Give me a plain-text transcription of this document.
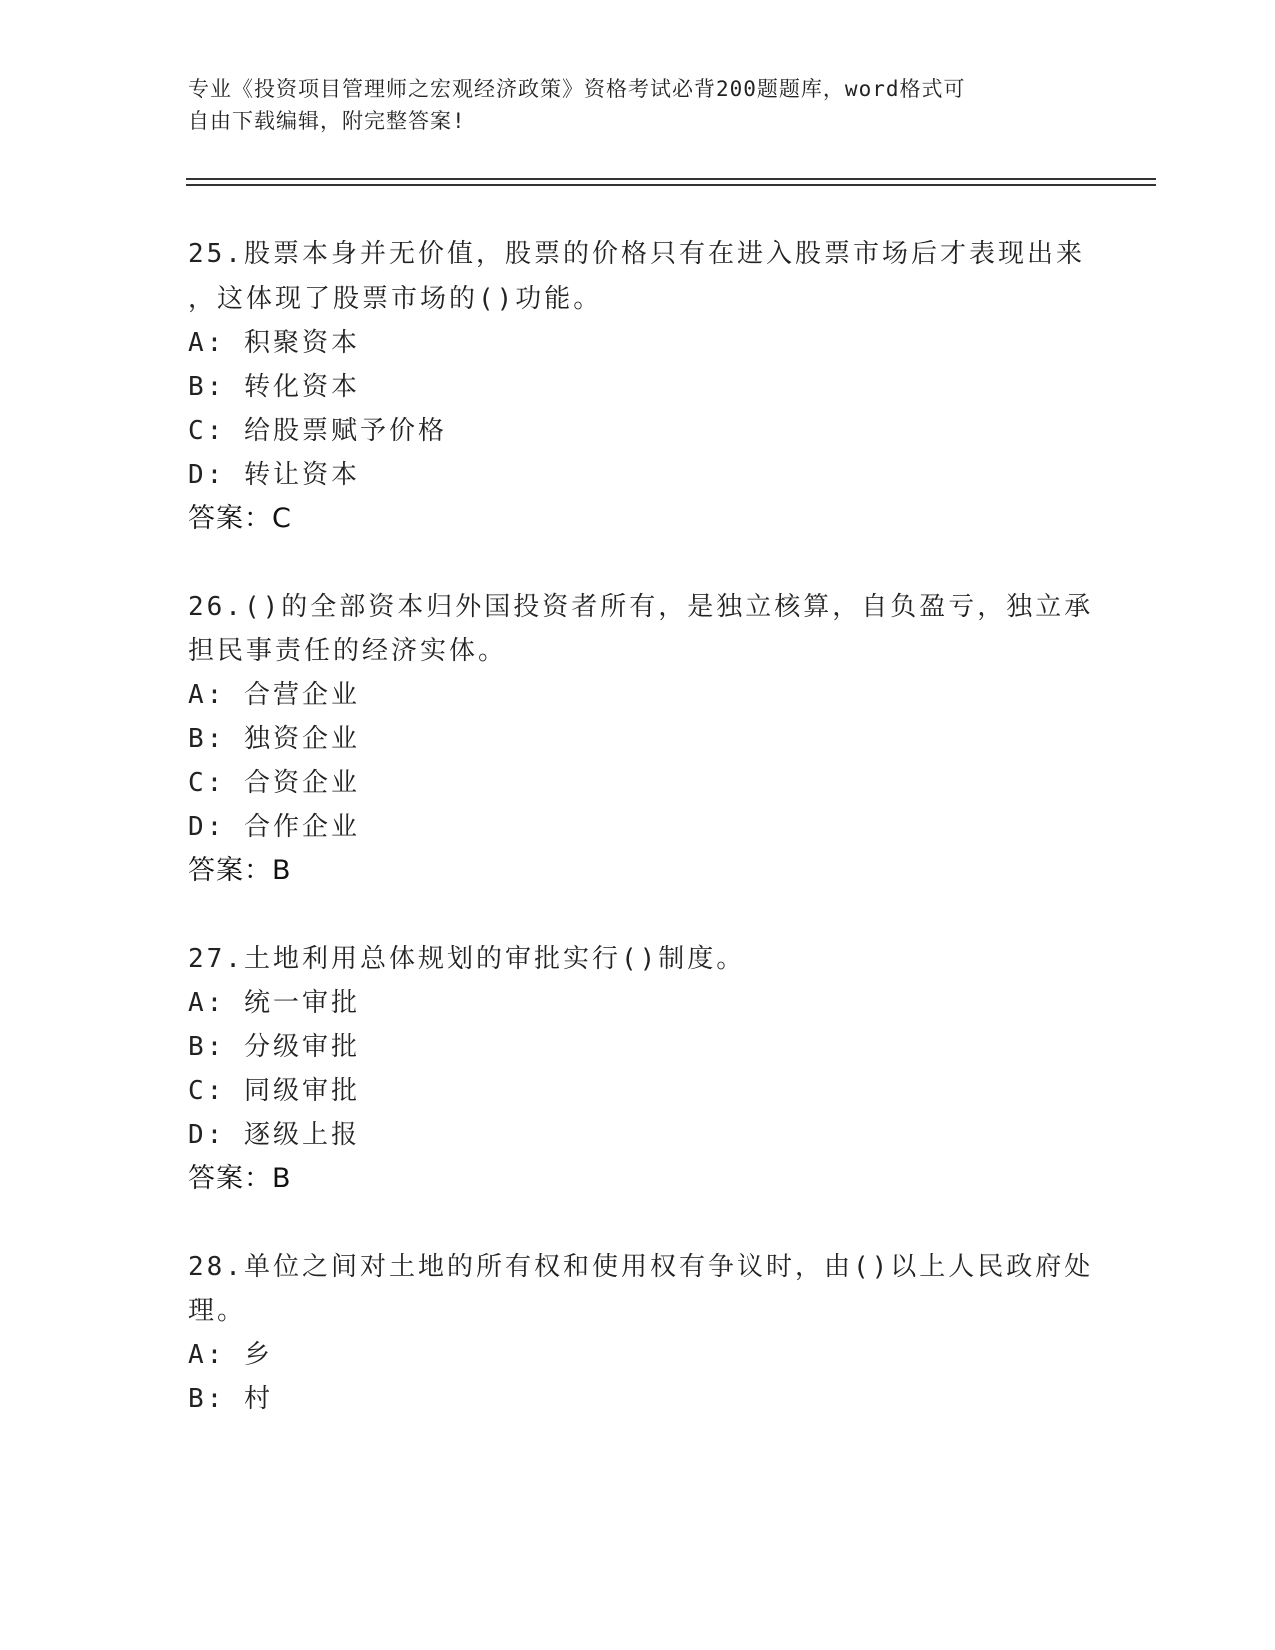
专业《投资项目管理师之宏观经济政策》资格考试必背200题题库，word格式可
自由下载编辑，附完整答案!
25.股票本身并无价值，股票的价格只有在进入股票市场后才表现出来
，这体现了股票市场的()功能。
A: 积聚资本
B: 转化资本
C: 给股票赋予价格
D: 转让资本
答案：C
26.()的全部资本归外国投资者所有，是独立核算，自负盈亏，独立承
担民事责任的经济实体。
A: 合营企业
B: 独资企业
C: 合资企业
D: 合作企业
答案：B
27.土地利用总体规划的审批实行()制度。
A: 统一审批
B: 分级审批
C: 同级审批
D: 逐级上报
答案：B
28.单位之间对土地的所有权和使用权有争议时，由()以上人民政府处
理。
A: 乡
B: 村
